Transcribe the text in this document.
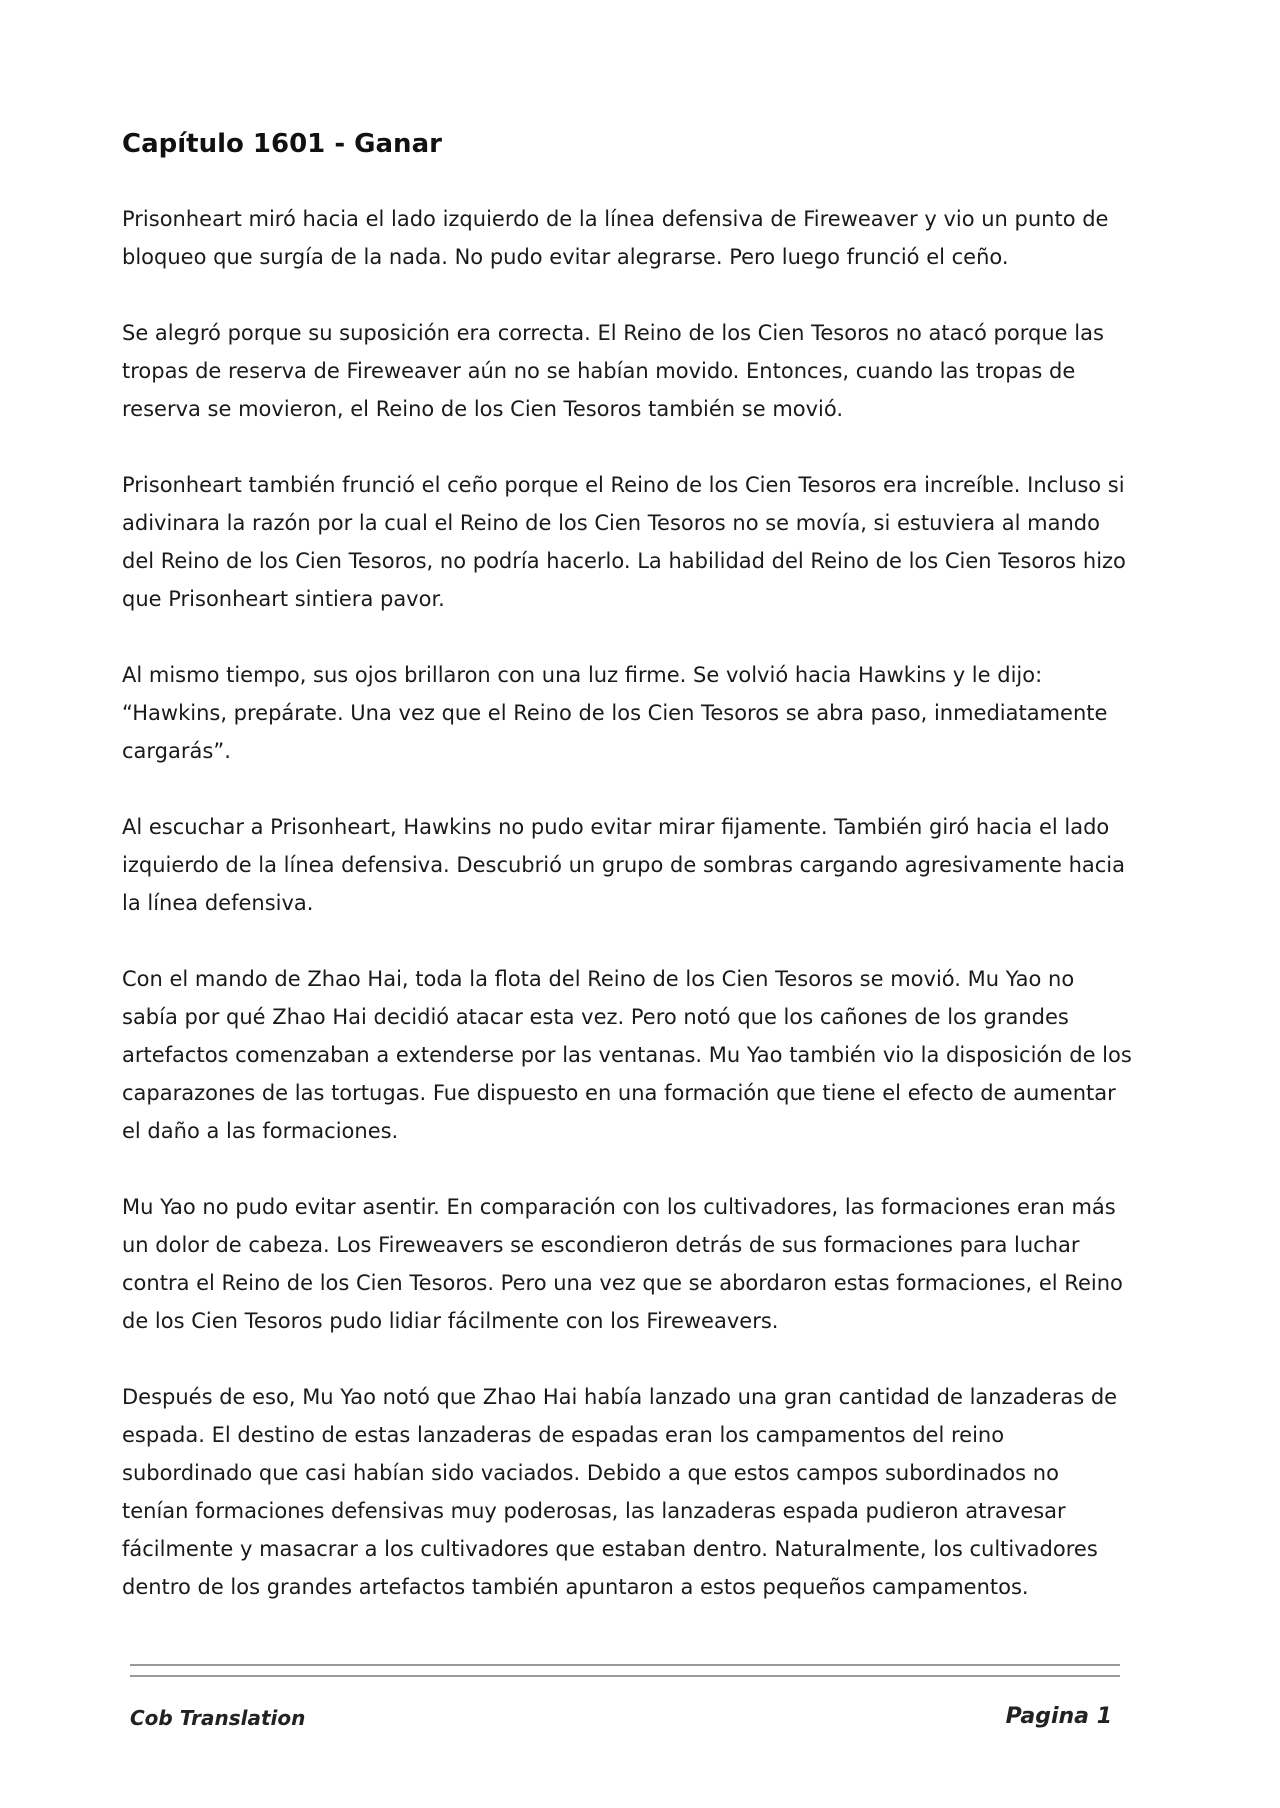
Capítulo 1601 - Ganar

Prisonheart miró hacia el lado izquierdo de la línea defensiva de Fireweaver y vio un punto de bloqueo que surgía de la nada. No pudo evitar alegrarse. Pero luego frunció el ceño.

Se alegró porque su suposición era correcta. El Reino de los Cien Tesoros no atacó porque las tropas de reserva de Fireweaver aún no se habían movido. Entonces, cuando las tropas de reserva se movieron, el Reino de los Cien Tesoros también se movió.

Prisonheart también frunció el ceño porque el Reino de los Cien Tesoros era increíble. Incluso si adivinara la razón por la cual el Reino de los Cien Tesoros no se movía, si estuviera al mando del Reino de los Cien Tesoros, no podría hacerlo. La habilidad del Reino de los Cien Tesoros hizo que Prisonheart sintiera pavor.

Al mismo tiempo, sus ojos brillaron con una luz firme. Se volvió hacia Hawkins y le dijo: “Hawkins, prepárate. Una vez que el Reino de los Cien Tesoros se abra paso, inmediatamente cargarás”.

Al escuchar a Prisonheart, Hawkins no pudo evitar mirar fijamente. También giró hacia el lado izquierdo de la línea defensiva. Descubrió un grupo de sombras cargando agresivamente hacia la línea defensiva.

Con el mando de Zhao Hai, toda la flota del Reino de los Cien Tesoros se movió. Mu Yao no sabía por qué Zhao Hai decidió atacar esta vez. Pero notó que los cañones de los grandes artefactos comenzaban a extenderse por las ventanas. Mu Yao también vio la disposición de los caparazones de las tortugas. Fue dispuesto en una formación que tiene el efecto de aumentar el daño a las formaciones.

Mu Yao no pudo evitar asentir. En comparación con los cultivadores, las formaciones eran más un dolor de cabeza. Los Fireweavers se escondieron detrás de sus formaciones para luchar contra el Reino de los Cien Tesoros. Pero una vez que se abordaron estas formaciones, el Reino de los Cien Tesoros pudo lidiar fácilmente con los Fireweavers.

Después de eso, Mu Yao notó que Zhao Hai había lanzado una gran cantidad de lanzaderas de espada. El destino de estas lanzaderas de espadas eran los campamentos del reino subordinado que casi habían sido vaciados. Debido a que estos campos subordinados no tenían formaciones defensivas muy poderosas, las lanzaderas espada pudieron atravesar fácilmente y masacrar a los cultivadores que estaban dentro. Naturalmente, los cultivadores dentro de los grandes artefactos también apuntaron a estos pequeños campamentos.

Cob Translation	Pagina 1
